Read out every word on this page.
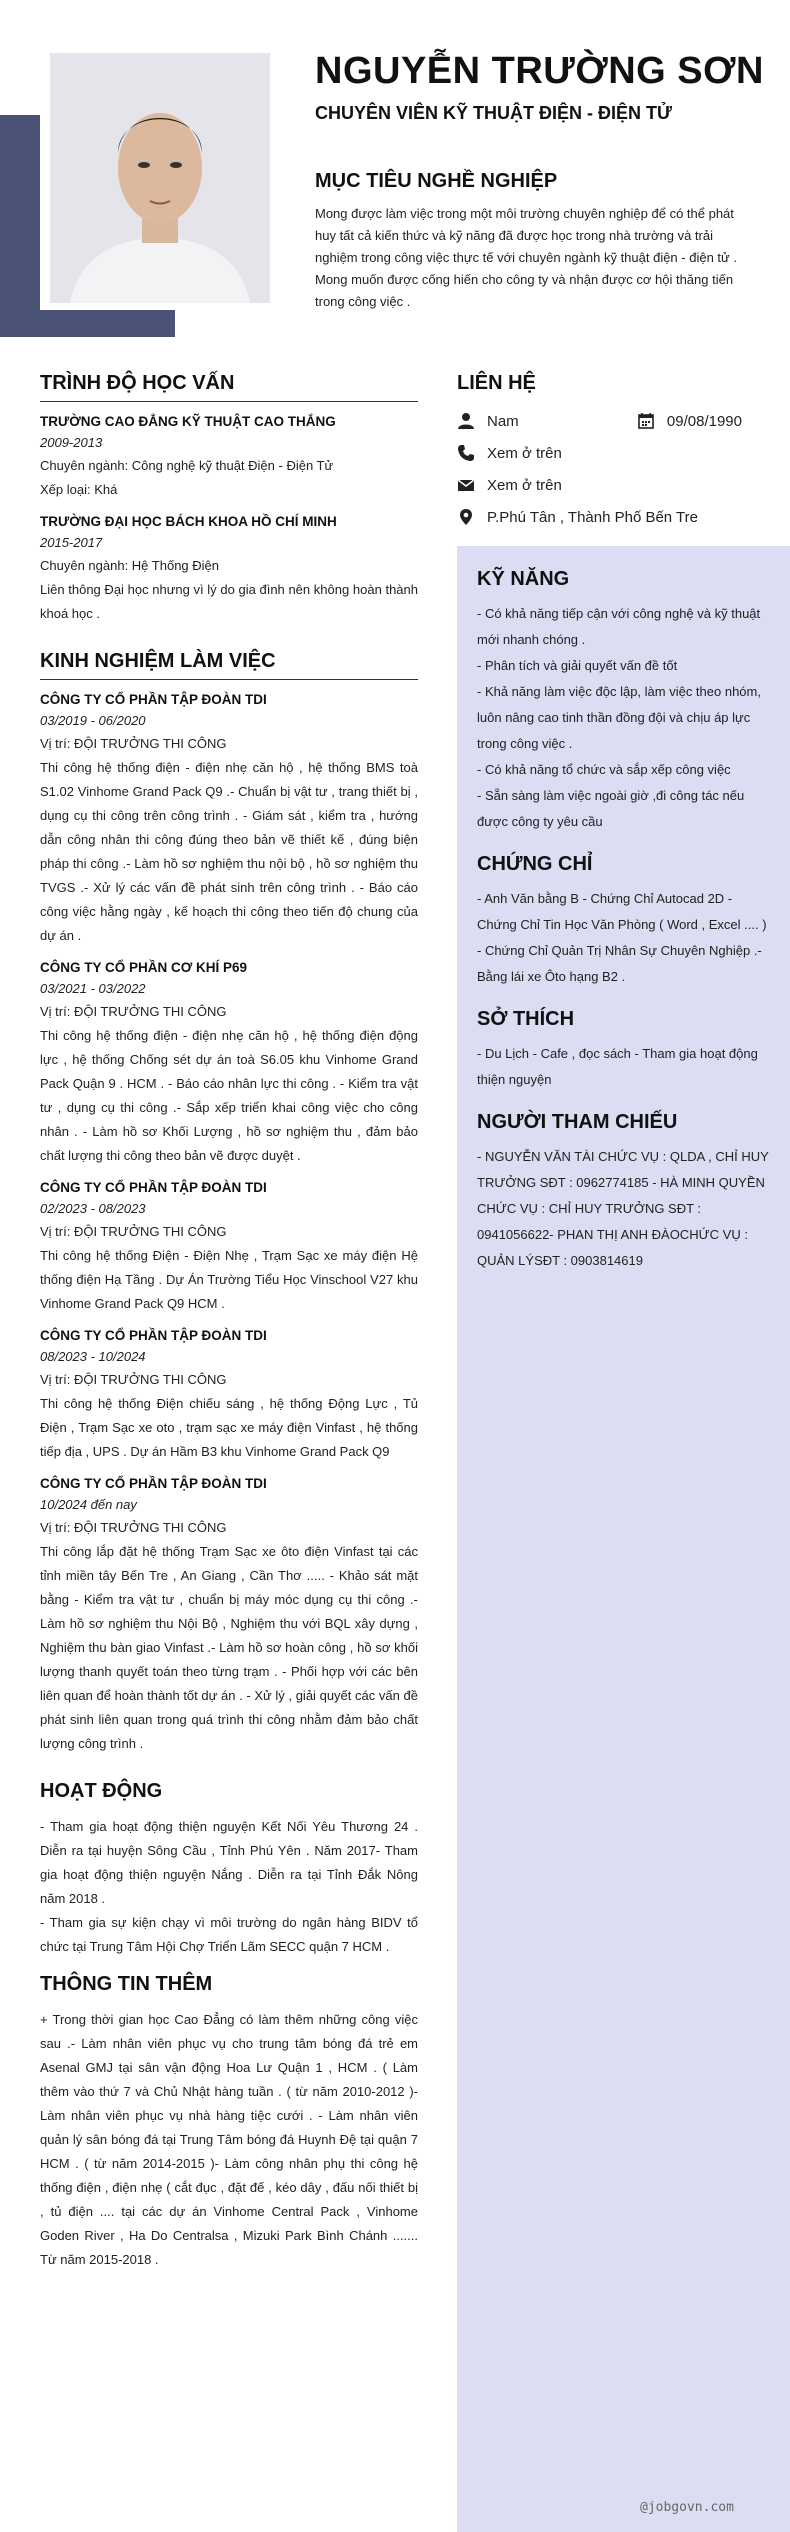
NGUYỄN TRƯỜNG SƠN
CHUYÊN VIÊN KỸ THUẬT ĐIỆN - ĐIỆN TỬ
MỤC TIÊU NGHỀ NGHIỆP
Mong được làm việc trong một môi trường chuyên nghiệp để có thể phát huy tất cả kiến thức và kỹ năng đã được học trong nhà trường và trải nghiệm trong công việc thực tế với chuyên ngành kỹ thuật điện - điện tử . Mong muốn được cống hiến cho công ty và nhận được cơ hội thăng tiến trong công việc .
TRÌNH ĐỘ HỌC VẤN
TRƯỜNG CAO ĐẲNG KỸ THUẬT CAO THẮNG
2009-2013
Chuyên ngành: Công nghệ kỹ thuật Điện - Điện Tử
Xếp loại: Khá
TRƯỜNG ĐẠI HỌC BÁCH KHOA HỒ CHÍ MINH
2015-2017
Chuyên ngành: Hệ Thống Điện
Liên thông Đại học nhưng vì lý do gia đình nên không hoàn thành khoá học .
KINH NGHIỆM LÀM VIỆC
CÔNG TY CỔ PHẦN TẬP ĐOÀN TDI
03/2019 - 06/2020
Vị trí: ĐỘI TRƯỞNG THI CÔNG
Thi công hệ thống điện - điện nhẹ căn hộ , hệ thống BMS toà S1.02 Vinhome Grand Pack Q9 .- Chuẩn bị vật tư , trang thiết bị , dụng cụ thi công trên công trình . - Giám sát , kiểm tra , hướng dẫn công nhân thi công đúng theo bản vẽ thiết kế , đúng biện pháp thi công .- Làm hồ sơ nghiệm thu nội bộ , hồ sơ nghiệm thu TVGS .- Xử lý các vấn đề phát sinh trên công trình . - Báo cáo công việc hằng ngày , kế hoạch thi công theo tiến độ chung của dự án .
CÔNG TY CỔ PHẦN CƠ KHÍ P69
03/2021 - 03/2022
Vị trí: ĐỘI TRƯỞNG THI CÔNG
Thi công hệ thống điện - điện nhẹ căn hộ , hệ thống điện động lực , hệ thống Chống sét dự án toà S6.05 khu Vinhome Grand Pack Quận 9 . HCM . - Báo cáo nhân lực thi công . - Kiểm tra vật tư , dụng cụ thi công .- Sắp xếp triển khai công việc cho công nhân . - Làm hồ sơ Khối Lượng , hồ sơ nghiệm thu , đảm bảo chất lượng thi công theo bản vẽ được duyệt .
CÔNG TY CỔ PHẦN TẬP ĐOÀN TDI
02/2023 - 08/2023
Vị trí: ĐỘI TRƯỞNG THI CÔNG
Thi công hệ thống Điện - Điện Nhẹ , Trạm Sạc xe máy điện Hệ thống điện Hạ Tầng . Dự Án Trường Tiểu Học Vinschool V27 khu Vinhome Grand Pack Q9 HCM .
CÔNG TY CỔ PHẦN TẬP ĐOÀN TDI
08/2023 - 10/2024
Vị trí: ĐỘI TRƯỞNG THI CÔNG
Thi công hệ thống Điện chiếu sáng , hệ thống Động Lực , Tủ Điện , Trạm Sạc xe oto , trạm sạc xe máy điện Vinfast , hệ thống tiếp địa , UPS . Dự án Hầm B3 khu Vinhome Grand Pack Q9
CÔNG TY CỔ PHẦN TẬP ĐOÀN TDI
10/2024 đến nay
Vị trí: ĐỘI TRƯỞNG THI CÔNG
Thi công lắp đặt hệ thống Trạm Sạc xe ôto điện Vinfast tại các tỉnh miền tây Bến Tre , An Giang , Cần Thơ ..... - Khảo sát mặt bằng - Kiểm tra vật tư , chuẩn bị máy móc dụng cụ thi công .- Làm hồ sơ nghiệm thu Nội Bộ , Nghiệm thu với BQL xây dựng , Nghiệm thu bàn giao Vinfast .- Làm hồ sơ hoàn công , hồ sơ khối lượng thanh quyết toán theo từng trạm . - Phối hợp với các bên liên quan để hoàn thành tốt dự án . - Xử lý , giải quyết các vấn đề phát sinh liên quan trong quá trình thi công nhằm đảm bảo chất lượng công trình .
HOẠT ĐỘNG
- Tham gia hoạt động thiện nguyện Kết Nối Yêu Thương 24 . Diễn ra tại huyện Sông Cầu , Tỉnh Phú Yên . Năm 2017- Tham gia hoạt động thiện nguyện Nắng . Diễn ra tại Tỉnh Đắk Nông năm 2018 .
- Tham gia sự kiện chạy vì môi trường do ngân hàng BIDV tổ chức tại Trung Tâm Hội Chợ Triển Lãm SECC quận 7 HCM .
THÔNG TIN THÊM
+ Trong thời gian học Cao Đẳng có làm thêm những công việc sau .- Làm nhân viên phục vụ cho trung tâm bóng đá trẻ em Asenal GMJ tại sân vận động Hoa Lư Quận 1 , HCM . ( Làm thêm vào thứ 7 và Chủ Nhật hàng tuần . ( từ năm 2010-2012 )- Làm nhân viên phục vụ nhà hàng tiệc cưới . - Làm nhân viên quản lý sân bóng đá tại Trung Tâm bóng đá Huynh Đệ tại quận 7 HCM . ( từ năm 2014-2015 )- Làm công nhân phụ thi công hệ thống điện , điện nhẹ ( cắt đục , đặt đế , kéo dây , đấu nối thiết bị , tủ điện .... tại các dự án Vinhome Central Pack , Vinhome Goden River , Ha Do Centralsa , Mizuki Park Bình Chánh ....... Từ năm 2015-2018 .
LIÊN HỆ
Nam	09/08/1990
Xem ở trên
Xem ở trên
P.Phú Tân , Thành Phố Bến Tre
KỸ NĂNG
- Có khả năng tiếp cận với công nghệ và kỹ thuật mới nhanh chóng .
- Phân tích và giải quyết vấn đề tốt
- Khả năng làm việc độc lập, làm việc theo nhóm, luôn nâng cao tinh thần đồng đội và chịu áp lực trong công việc .
- Có khả năng tổ chức và sắp xếp công việc
- Sẵn sàng làm việc ngoài giờ ,đi công tác nếu được công ty yêu cầu
CHỨNG CHỈ
- Anh Văn bằng B - Chứng Chỉ Autocad 2D - Chứng Chỉ Tin Học Văn Phòng ( Word , Excel .... ) - Chứng Chỉ Quản Trị Nhân Sự Chuyên Nghiệp .- Bằng lái xe Ôto hạng B2 .
SỞ THÍCH
- Du Lịch - Cafe , đọc sách - Tham gia hoạt động thiện nguyện
NGƯỜI THAM CHIẾU
- NGUYỄN VĂN TÀI CHỨC VỤ : QLDA , CHỈ HUY TRƯỞNG SĐT : 0962774185 - HÀ MINH QUYỀN CHỨC VỤ : CHỈ HUY TRƯỞNG SĐT : 0941056622- PHAN THỊ ANH ĐÀOCHỨC VỤ : QUẢN LÝSĐT : 0903814619
@jobgovn.com
